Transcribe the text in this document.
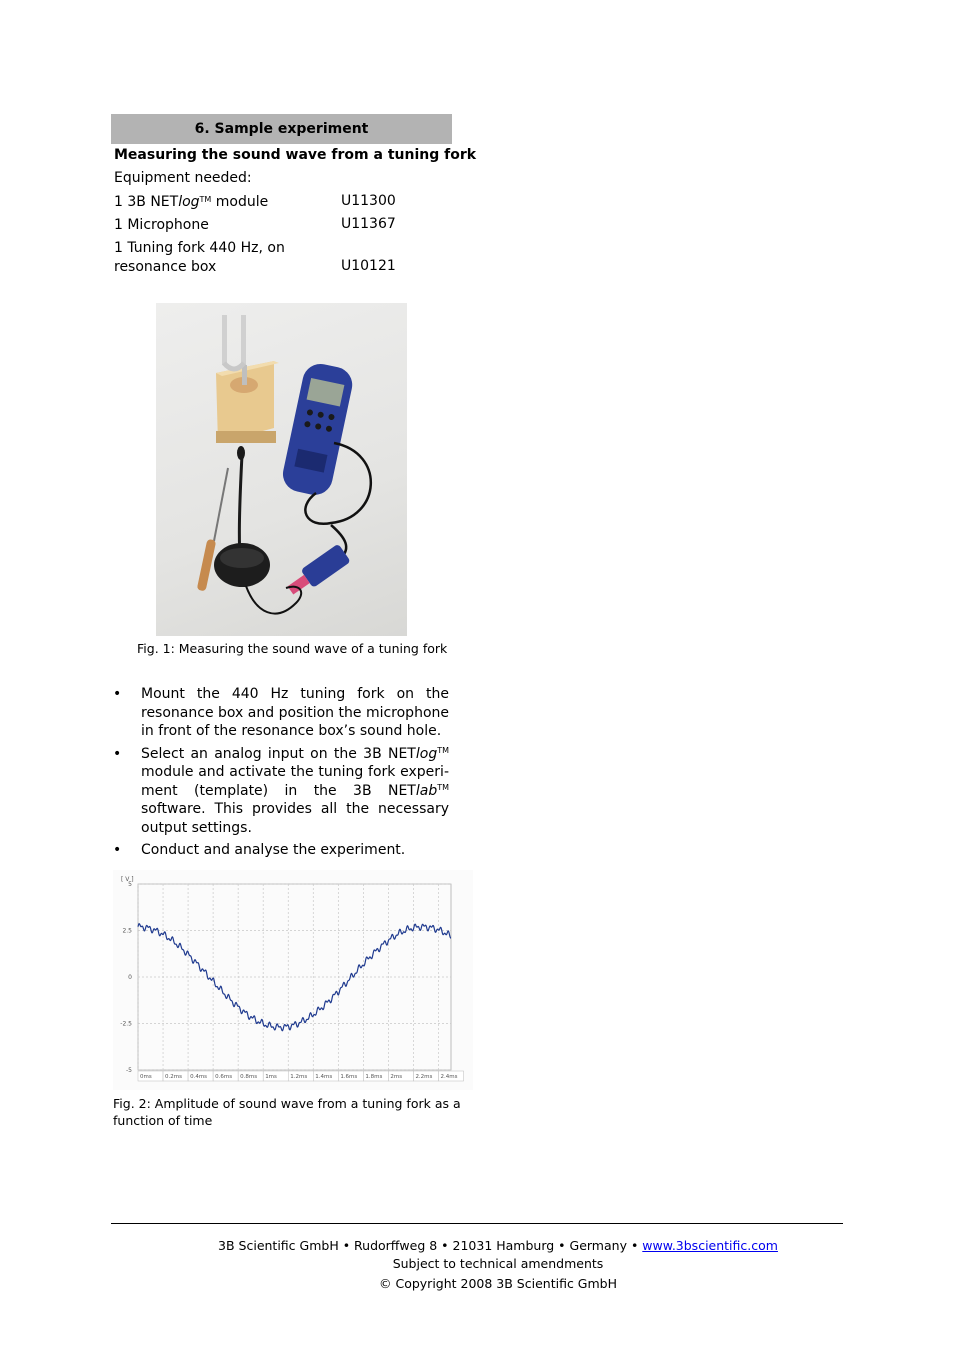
6. Sample experiment
Measuring the sound wave from a tuning fork
Equipment needed:
1 3B NETlog™ module	U11300
1 Microphone	U11367
1 Tuning fork 440 Hz, on
resonance box	U10121
Fig. 1: Measuring the sound wave of a tuning fork
• Mount the 440 Hz tuning fork on the resonance box and position the microphone in front of the resonance box’s sound hole.
• Select an analog input on the 3B NETlog™ module and activate the tuning fork experiment (template) in the 3B NETlab™ software. This provides all the necessary output settings.
• Conduct and analyse the experiment.
5
2.5
0
-2.5
-5
0ms 0.2ms 0.4ms 0.6ms 0.8ms 1ms 1.2ms 1.4ms 1.6ms 1.8ms 2ms 2.2ms 2.4ms
[ V ]
Fig. 2: Amplitude of sound wave from a tuning fork as a
function of time
3B Scientific GmbH • Rudorffweg 8 • 21031 Hamburg • Germany • www.3bscientific.com
Subject to technical amendments
© Copyright 2008 3B Scientific GmbH
